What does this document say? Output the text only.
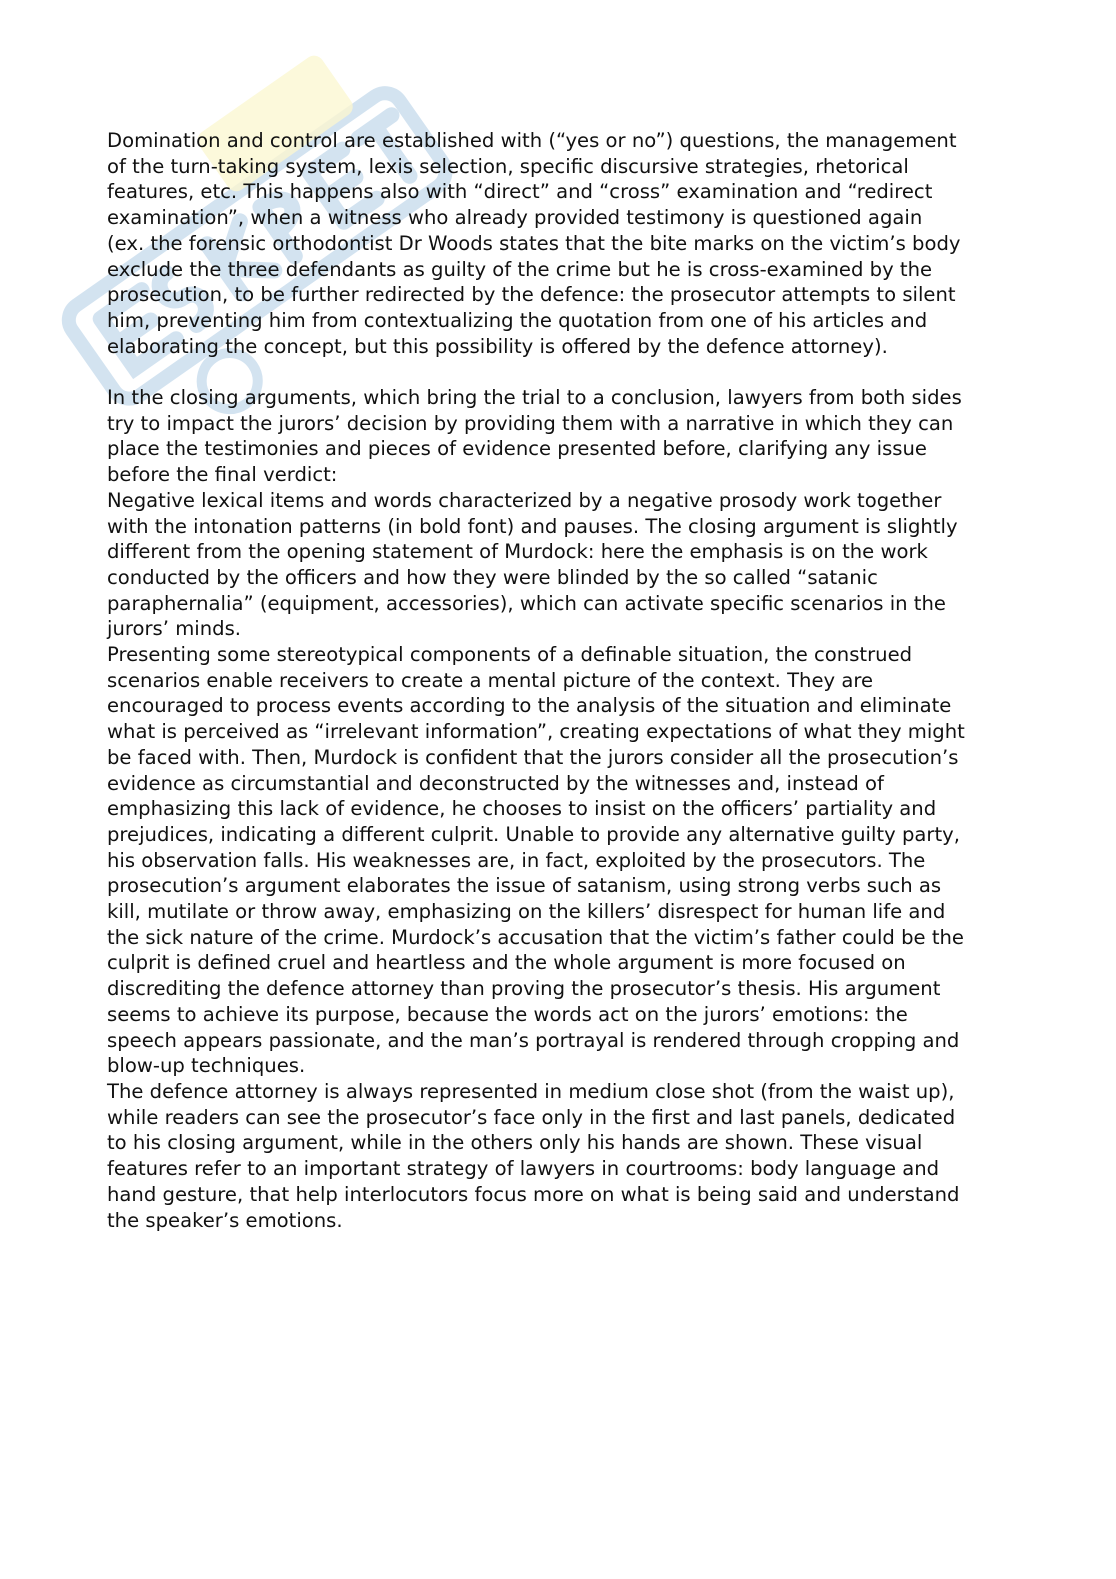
Domination and control are established with (“yes or no”) questions, the management
of the turn-taking system, lexis selection, specific discursive strategies, rhetorical
features, etc. This happens also with “direct” and “cross” examination and “redirect
examination”, when a witness who already provided testimony is questioned again
(ex. the forensic orthodontist Dr Woods states that the bite marks on the victim’s body
exclude the three defendants as guilty of the crime but he is cross-examined by the
prosecution, to be further redirected by the defence: the prosecutor attempts to silent
him, preventing him from contextualizing the quotation from one of his articles and
elaborating the concept, but this possibility is offered by the defence attorney).

In the closing arguments, which bring the trial to a conclusion, lawyers from both sides
try to impact the jurors’ decision by providing them with a narrative in which they can
place the testimonies and pieces of evidence presented before, clarifying any issue
before the final verdict:

Negative lexical items and words characterized by a negative prosody work together
with the intonation patterns (in bold font) and pauses. The closing argument is slightly
different from the opening statement of Murdock: here the emphasis is on the work
conducted by the officers and how they were blinded by the so called “satanic
paraphernalia” (equipment, accessories), which can activate specific scenarios in the
jurors’ minds.

Presenting some stereotypical components of a definable situation, the construed
scenarios enable receivers to create a mental picture of the context. They are
encouraged to process events according to the analysis of the situation and eliminate
what is perceived as “irrelevant information”, creating expectations of what they might
be faced with. Then, Murdock is confident that the jurors consider all the prosecution’s
evidence as circumstantial and deconstructed by the witnesses and, instead of
emphasizing this lack of evidence, he chooses to insist on the officers’ partiality and
prejudices, indicating a different culprit. Unable to provide any alternative guilty party,
his observation falls. His weaknesses are, in fact, exploited by the prosecutors. The
prosecution’s argument elaborates the issue of satanism, using strong verbs such as
kill, mutilate or throw away, emphasizing on the killers’ disrespect for human life and
the sick nature of the crime. Murdock’s accusation that the victim’s father could be the
culprit is defined cruel and heartless and the whole argument is more focused on
discrediting the defence attorney than proving the prosecutor’s thesis. His argument
seems to achieve its purpose, because the words act on the jurors’ emotions: the
speech appears passionate, and the man’s portrayal is rendered through cropping and
blow-up techniques.

The defence attorney is always represented in medium close shot (from the waist up),
while readers can see the prosecutor’s face only in the first and last panels, dedicated
to his closing argument, while in the others only his hands are shown. These visual
features refer to an important strategy of lawyers in courtrooms: body language and
hand gesture, that help interlocutors focus more on what is being said and understand
the speaker’s emotions.
